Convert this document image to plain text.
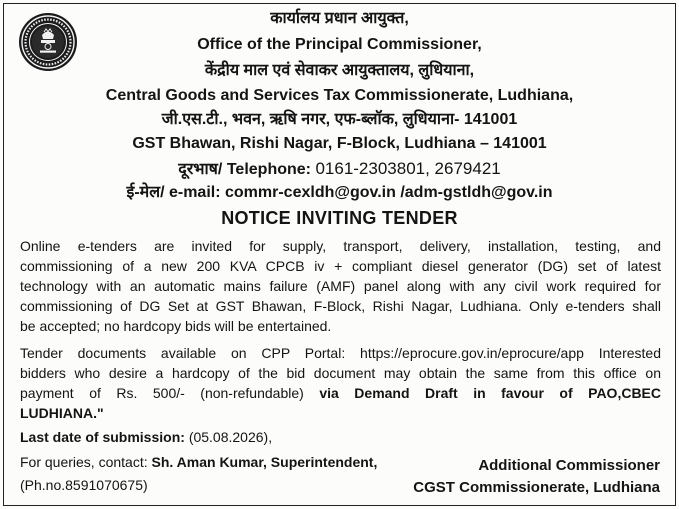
कार्यालय प्रधान आयुक्त,
Office of the Principal Commissioner,
केंद्रीय माल एवं सेवाकर आयुक्तालय, लुधियाना,
Central Goods and Services Tax Commissionerate, Ludhiana,
जी.एस.टी., भवन, ऋषि नगर, एफ-ब्लॉक, लुधियाना- 141001
GST Bhawan, Rishi Nagar, F-Block, Ludhiana – 141001
दूरभाष/ Telephone: 0161-2303801, 2679421
ई-मेल/ e-mail: commr-cexldh@gov.in /adm-gstldh@gov.in
NOTICE INVITING TENDER
Online e-tenders are invited for supply, transport, delivery, installation, testing, and
commissioning of a new 200 KVA CPCB iv + compliant diesel generator (DG) set of latest
technology with an automatic mains failure (AMF) panel along with any civil work required for
commissioning of DG Set at GST Bhawan, F-Block, Rishi Nagar, Ludhiana. Only e-tenders shall
be accepted; no hardcopy bids will be entertained.
Tender documents available on CPP Portal: https://eprocure.gov.in/eprocure/app Interested
bidders who desire a hardcopy of the bid document may obtain the same from this office on
payment of Rs. 500/- (non-refundable) via Demand Draft in favour of PAO,CBEC
LUDHIANA."
Last date of submission: (05.08.2026),
For queries, contact: Sh. Aman Kumar, Superintendent,
(Ph.no.8591070675)
Additional Commissioner
CGST Commissionerate, Ludhiana
